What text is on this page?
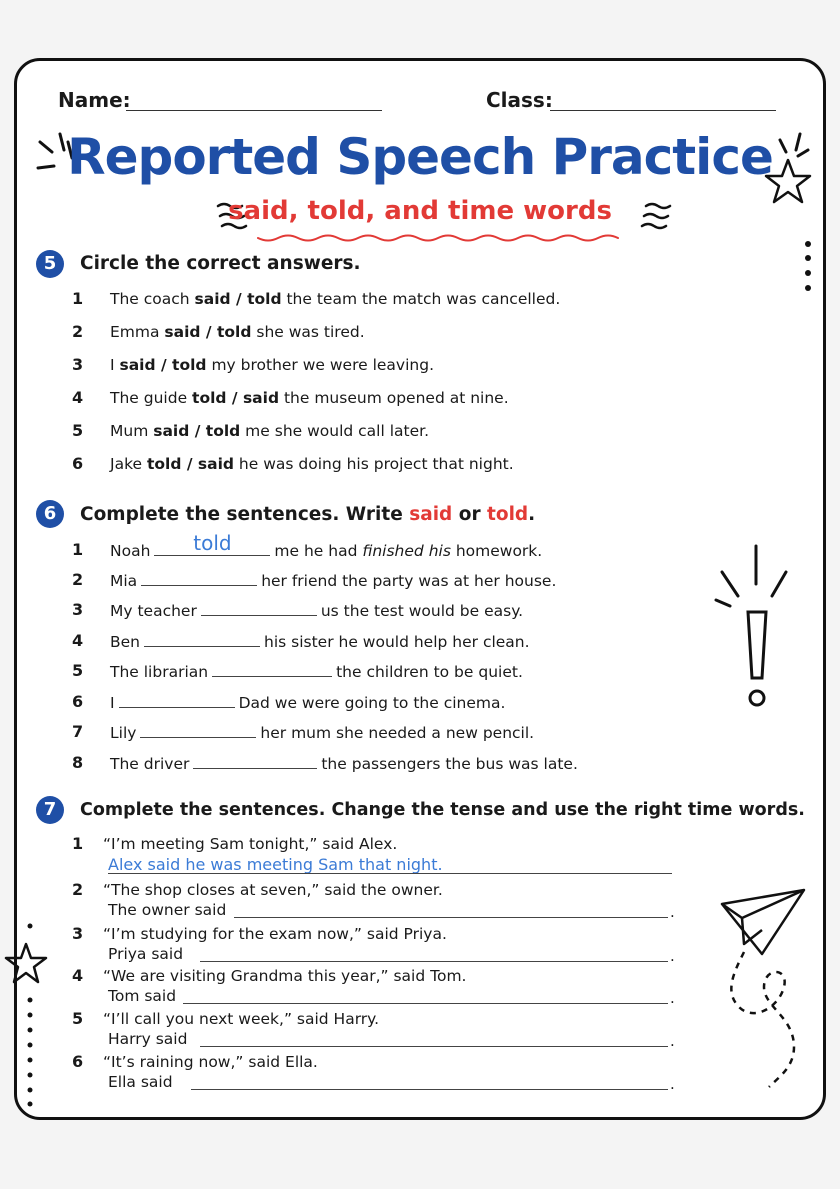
Name:	Class:
Reported Speech Practice
said, told, and time words
5	Circle the correct answers.
1 The coach said / told the team the match was cancelled.
2 Emma said / told she was tired.
3 I said / told my brother we were leaving.
4 The guide told / said the museum opened at nine.
5 Mum said / told me she would call later.
6 Jake told / said he was doing his project that night.
6	Complete the sentences. Write said or told.
1 Noah	told	me he had finished his homework.
2 Mia	her friend the party was at her house.
3 My teacher	us the test would be easy.
4 Ben	his sister he would help her clean.
5 The librarian	the children to be quiet.
6 I	Dad we were going to the cinema.
7 Lily	her mum she needed a new pencil.
8 The driver	the passengers the bus was late.
7	Complete the sentences. Change the tense and use the right time words.
1 “I’m meeting Sam tonight,” said Alex.
Alex said he was meeting Sam that night.
2 “The shop closes at seven,” said the owner.
The owner said	.
3 “I’m studying for the exam now,” said Priya.
Priya said	.
4 “We are visiting Grandma this year,” said Tom.
Tom said	.
5 “I’ll call you next week,” said Harry.
Harry said	.
6 “It’s raining now,” said Ella.
Ella said	.
